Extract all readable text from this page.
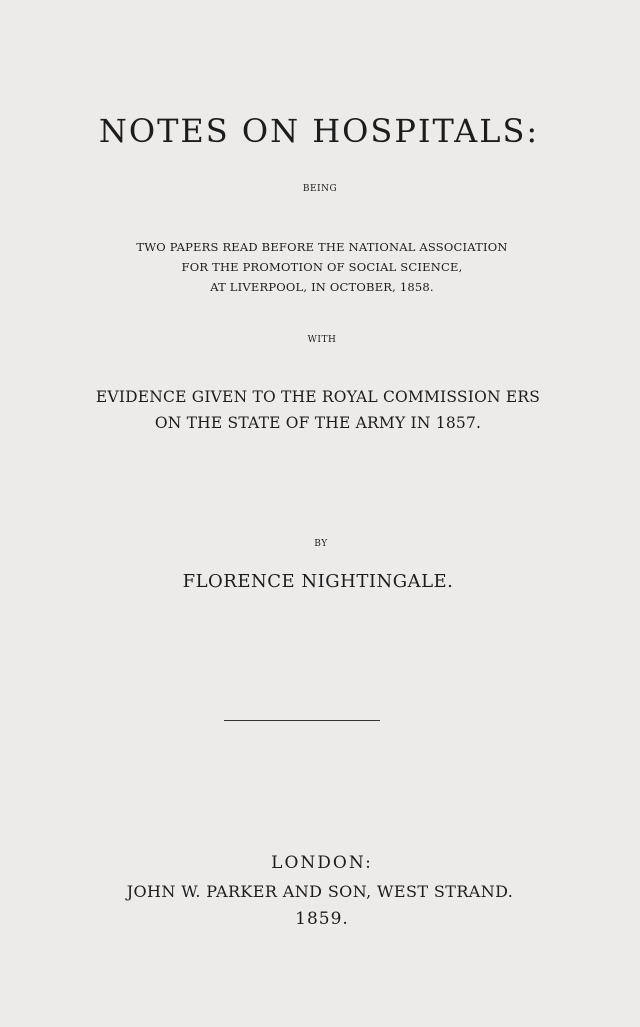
NOTES ON HOSPITALS:
BEING
TWO PAPERS READ BEFORE THE NATIONAL ASSOCIATION
FOR THE PROMOTION OF SOCIAL SCIENCE,
AT LIVERPOOL, IN OCTOBER, 1858.
WITH
EVIDENCE GIVEN TO THE ROYAL COMMISSION ERS
ON THE STATE OF THE ARMY IN 1857.
BY
FLORENCE NIGHTINGALE.
LONDON:
JOHN W. PARKER AND SON, WEST STRAND.
1859.
